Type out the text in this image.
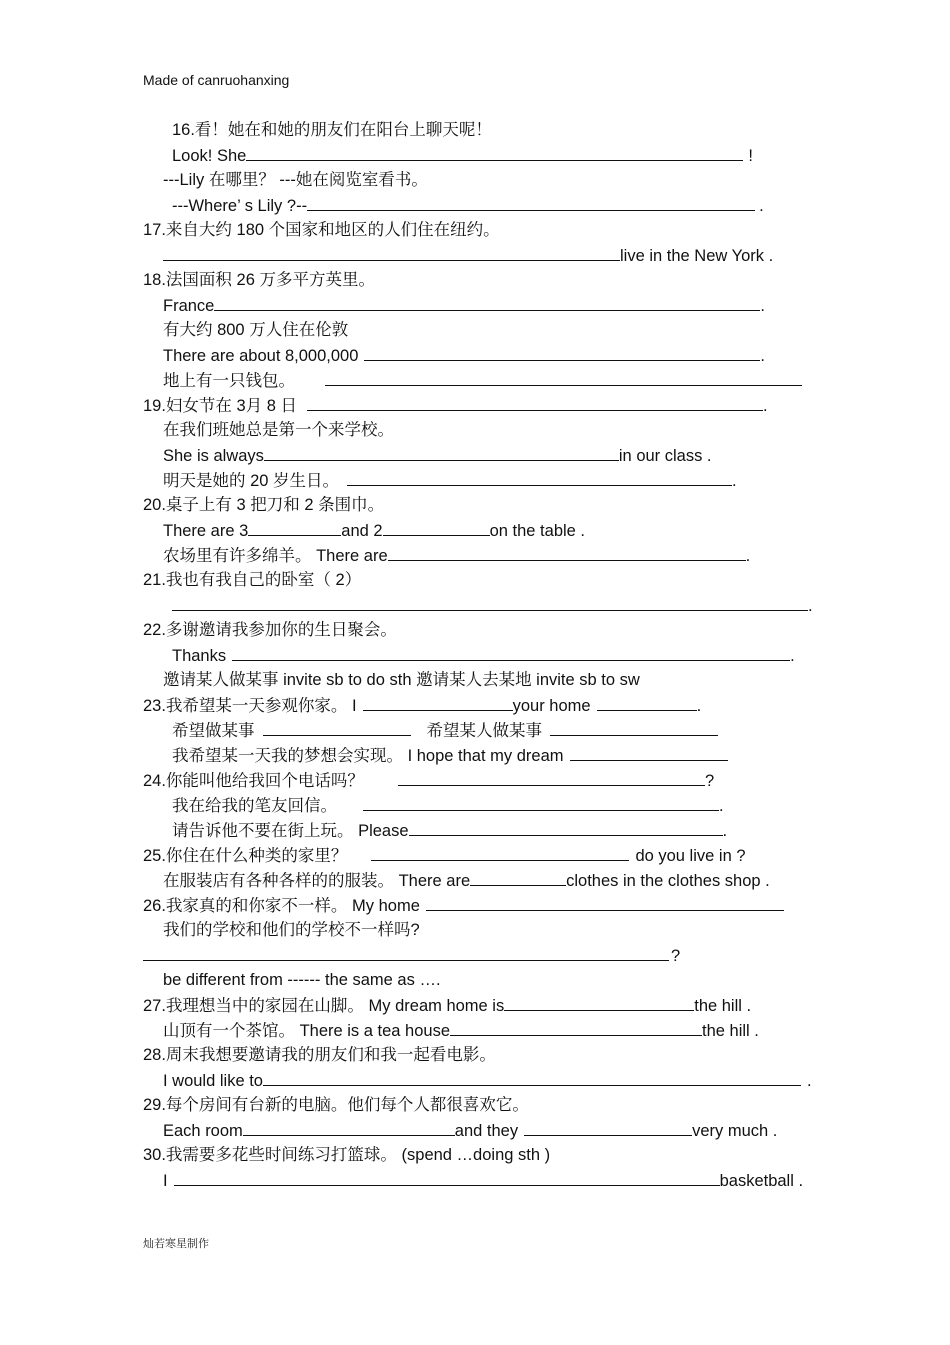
Made of canruohanxing
16.看！她在和她的朋友们在阳台上聊天呢！
Look! She	!
---Lily 在哪里？ ---她在阅览室看书。
---Where’ s Lily ?--	.
17.来自大约 180 个国家和地区的人们住在纽约。
live in the New York .
18.法国面积 26 万多平方英里。
France	.
有大约 800 万人住在伦敦
There are about 8,000,000	.
地上有一只钱包。
19.妇女节在 3月 8 日	.
在我们班她总是第一个来学校。
She is always	in our class .
明天是她的 20 岁生日。	.
20.桌子上有 3 把刀和 2 条围巾。
There are 3	and 2	on the table .
农场里有许多绵羊。 There are	.
21.我也有我自己的卧室（ 2）
.
22.多谢邀请我参加你的生日聚会。
Thanks	.
邀请某人做某事 invite sb to do sth 邀请某人去某地 invite sb to sw
23.我希望某一天参观你家。 I	your home	.
希望做某事	希望某人做某事
我希望某一天我的梦想会实现。 I hope that my dream
24.你能叫他给我回个电话吗？	?
我在给我的笔友回信。	.
请告诉他不要在街上玩。 Please	.
25.你住在什么种类的家里？	do you live in ?
在服装店有各种各样的的服装。 There are	clothes in the clothes shop .
26.我家真的和你家不一样。 My home
我们的学校和他们的学校不一样吗?
?
be different from ------ the same as ….
27.我理想当中的家园在山脚。 My dream home is	the hill .
山顶有一个茶馆。 There is a tea house	the hill .
28.周末我想要邀请我的朋友们和我一起看电影。
I would like to	.
29.每个房间有台新的电脑。他们每个人都很喜欢它。
Each room	and they	very much .
30.我需要多花些时间练习打篮球。 (spend …doing sth )
I	basketball .
灿若寒星制作
